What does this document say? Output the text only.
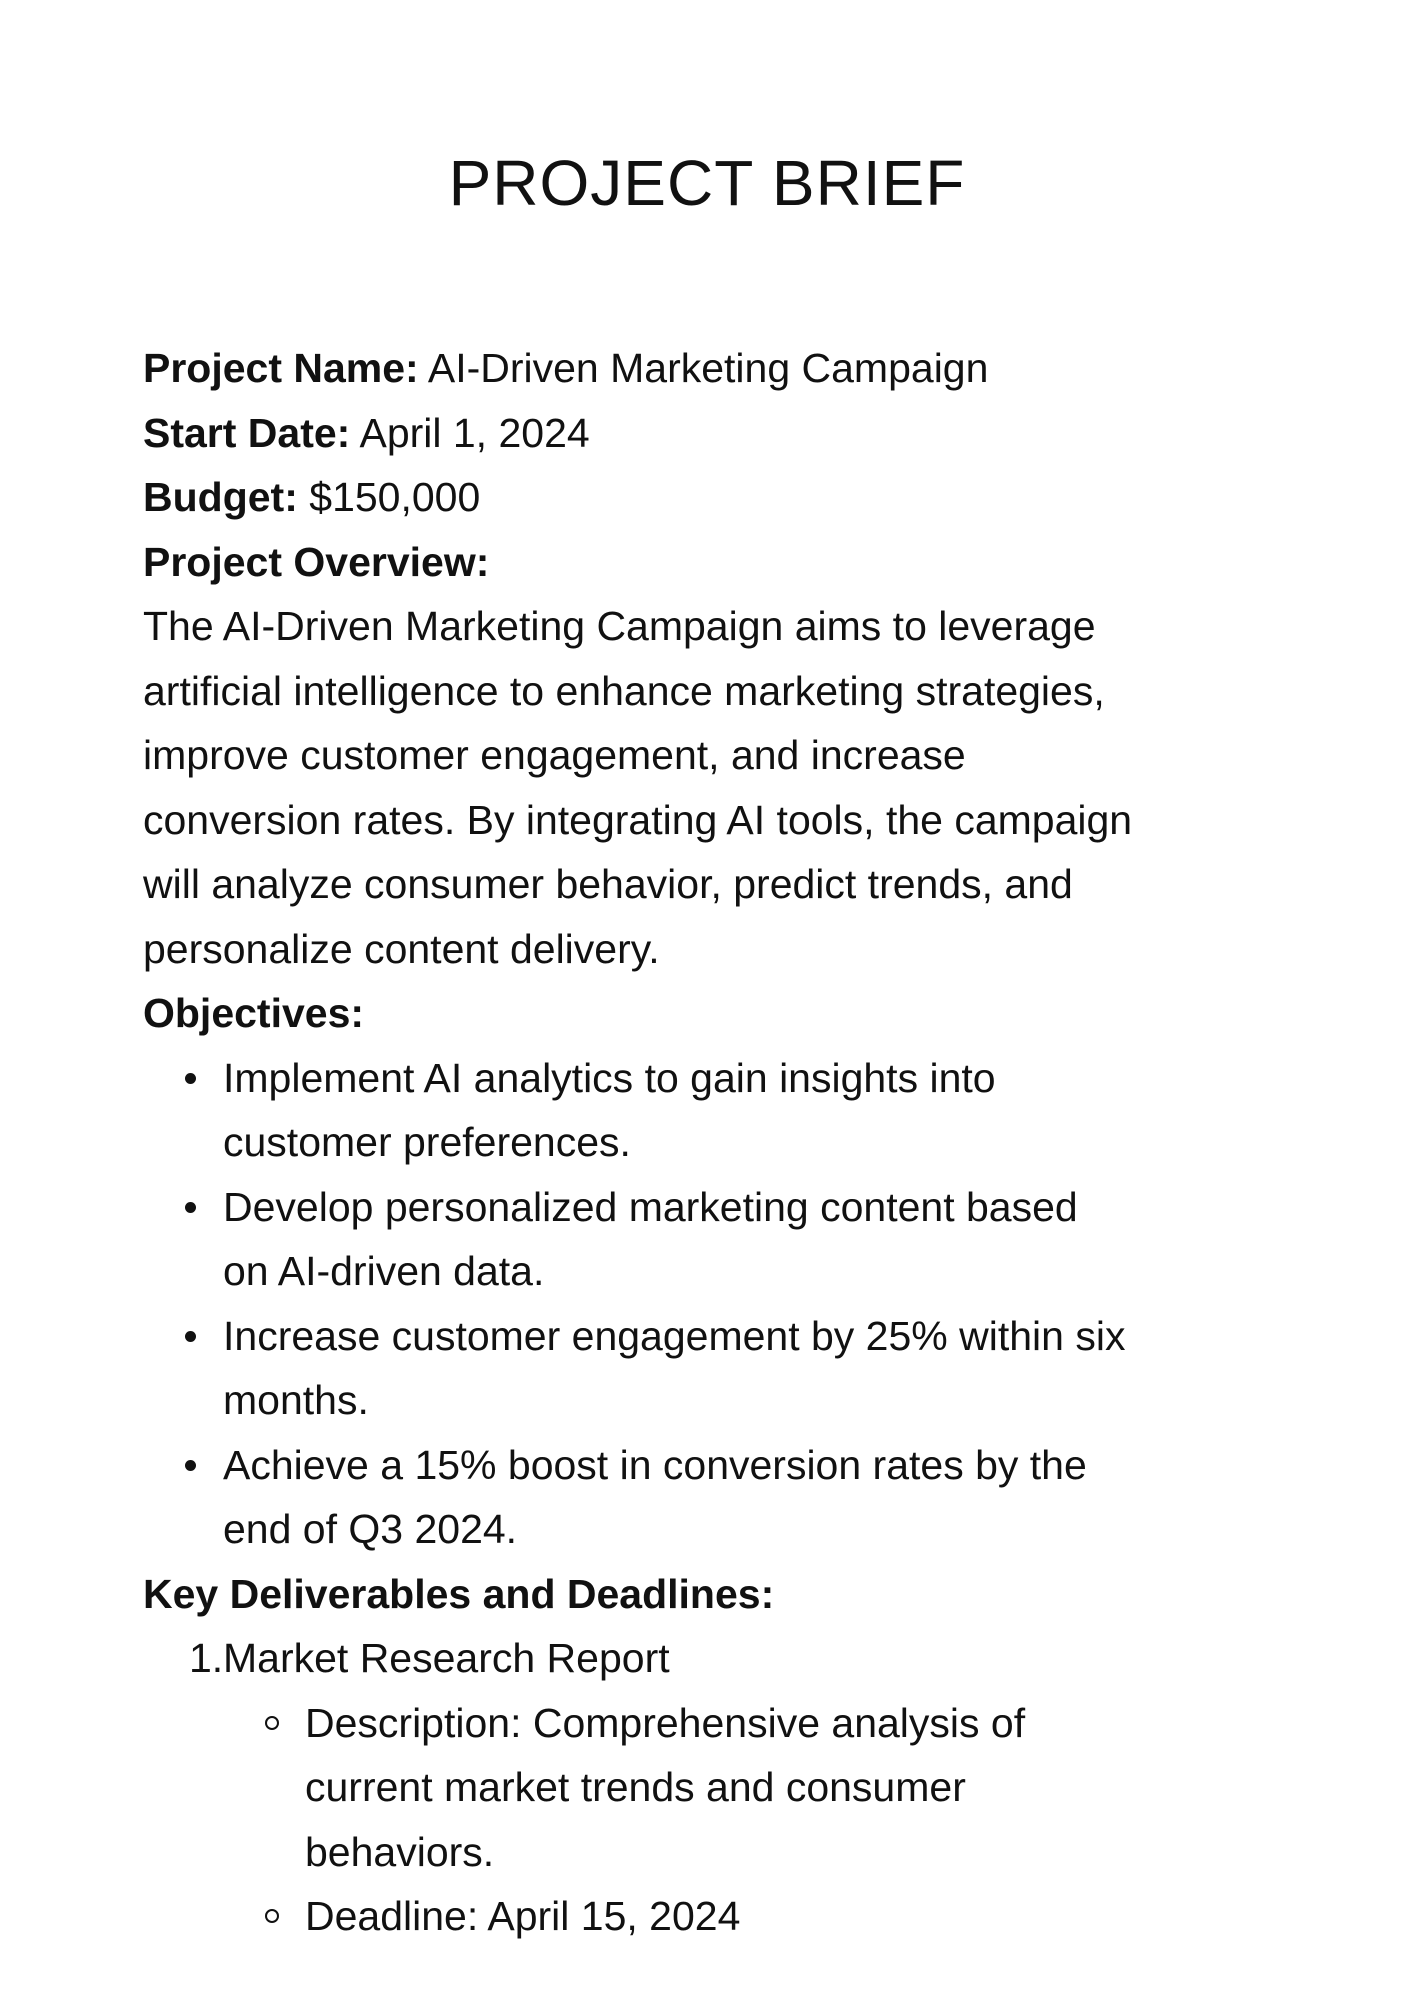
PROJECT BRIEF

Project Name: AI-Driven Marketing Campaign

Start Date: April 1, 2024

Budget: $150,000

Project Overview:

The AI-Driven Marketing Campaign aims to leverage
artificial intelligence to enhance marketing strategies,
improve customer engagement, and increase
conversion rates. By integrating AI tools, the campaign
will analyze consumer behavior, predict trends, and
personalize content delivery.

Objectives:

Implement AI analytics to gain insights into
customer preferences.
Develop personalized marketing content based
on AI-driven data.
Increase customer engagement by 25% within six
months.
Achieve a 15% boost in conversion rates by the
end of Q3 2024.

Key Deliverables and Deadlines:

1. Market Research Report
Description: Comprehensive analysis of
current market trends and consumer
behaviors.
Deadline: April 15, 2024
